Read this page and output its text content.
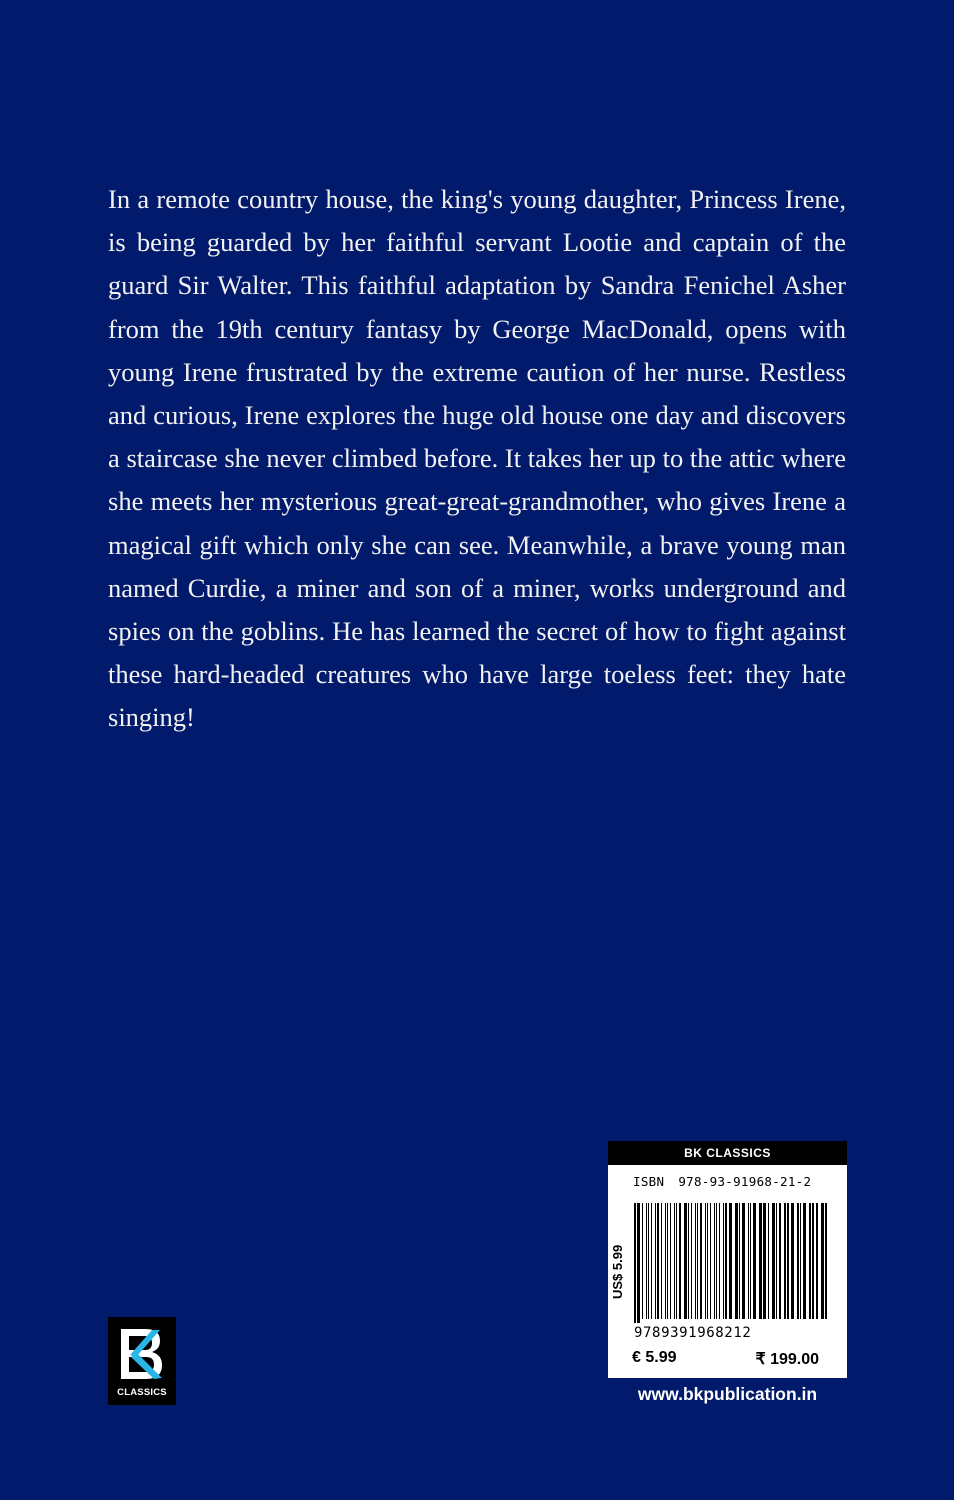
In a remote country house, the king's young daughter, Princess Irene, is being guarded by her faithful servant Lootie and captain of the guard Sir Walter. This faithful adaptation by Sandra Fenichel Asher from the 19th century fantasy by George MacDonald, opens with young Irene frustrated by the extreme caution of her nurse. Restless and curious, Irene explores the huge old house one day and discovers a staircase she never climbed before. It takes her up to the attic where she meets her mysterious great-great-grandmother, who gives Irene a magical gift which only she can see. Meanwhile, a brave young man named Curdie, a miner and son of a miner, works underground and spies on the goblins. He has learned the secret of how to fight against these hard-headed creatures who have large toeless feet: they hate singing!

CLASSICS
BK CLASSICS
ISBN 978-93-91968-21-2
US$ 5.99
9789391968212
€ 5.99	₹ 199.00
www.bkpublication.in
